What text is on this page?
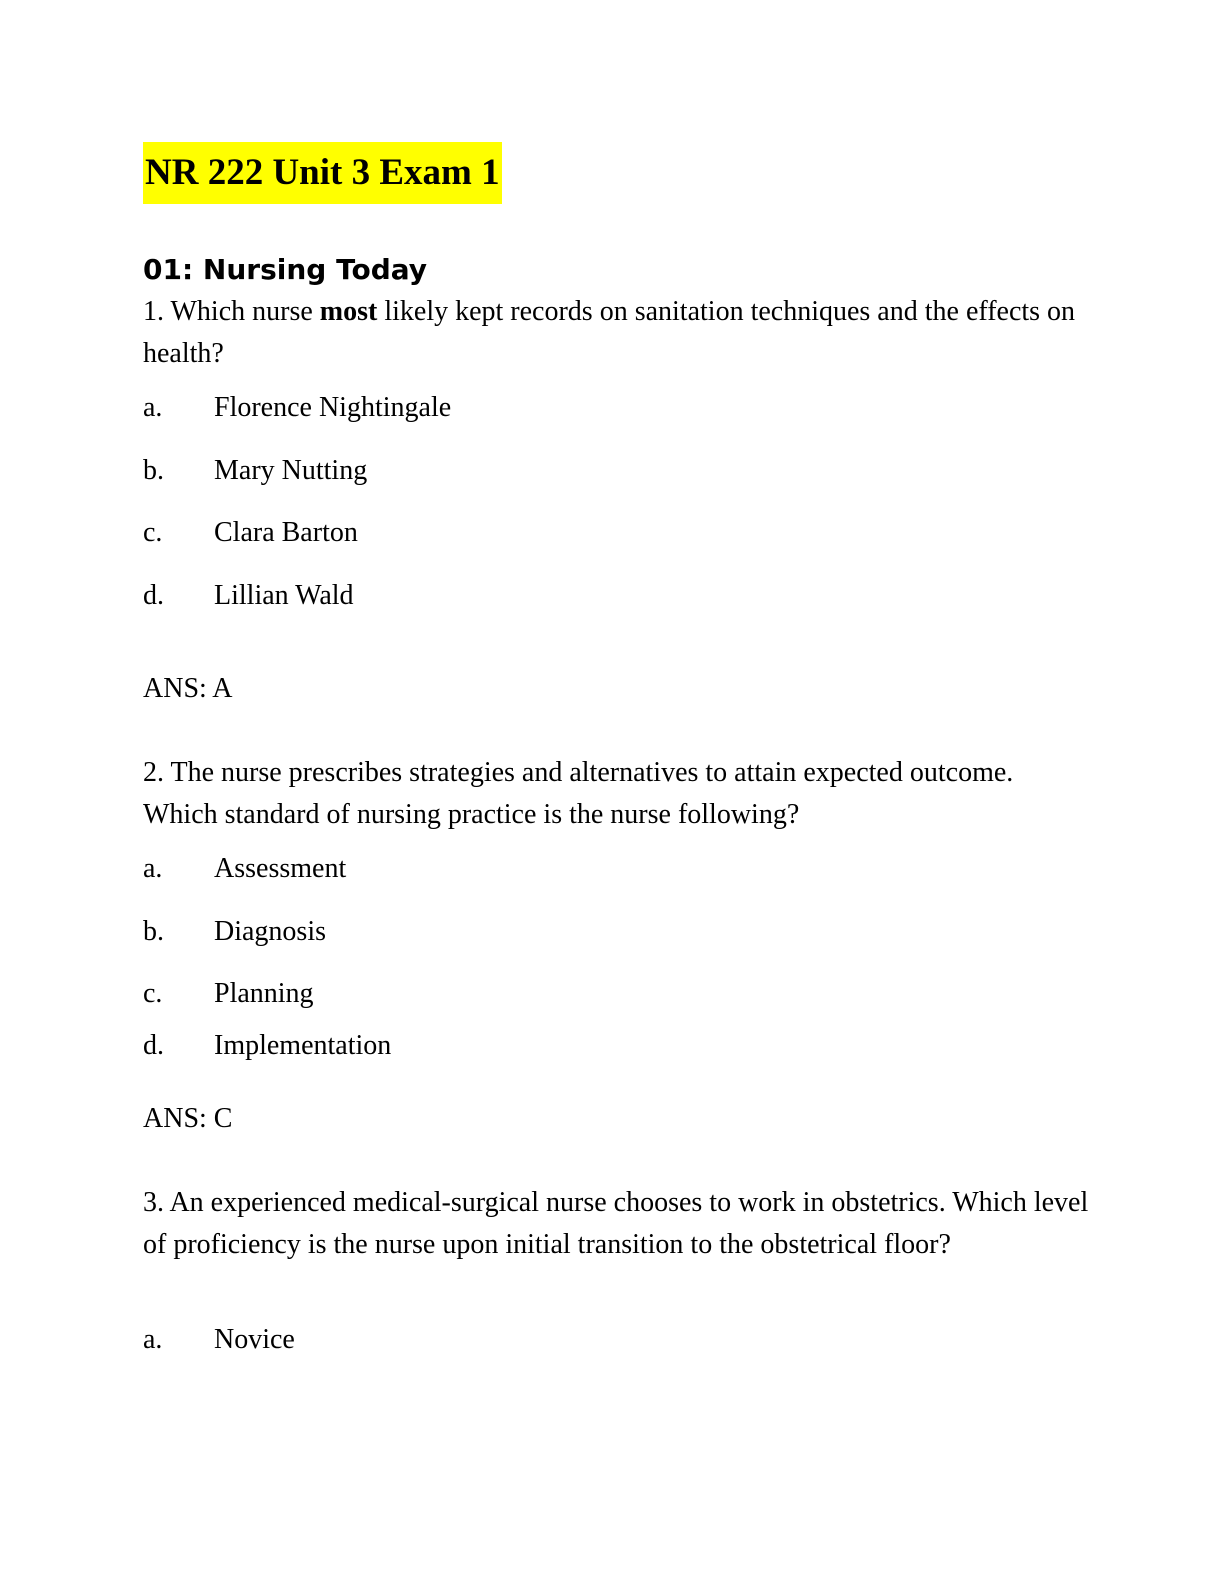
NR 222 Unit 3 Exam 1
01: Nursing Today
1. Which nurse most likely kept records on sanitation techniques and the effects on health?
a. Florence Nightingale
b. Mary Nutting
c. Clara Barton
d. Lillian Wald
ANS: A
2. The nurse prescribes strategies and alternatives to attain expected outcome. Which standard of nursing practice is the nurse following?
a. Assessment
b. Diagnosis
c. Planning
d. Implementation
ANS: C
3. An experienced medical-surgical nurse chooses to work in obstetrics. Which level of proficiency is the nurse upon initial transition to the obstetrical floor?
a. Novice
